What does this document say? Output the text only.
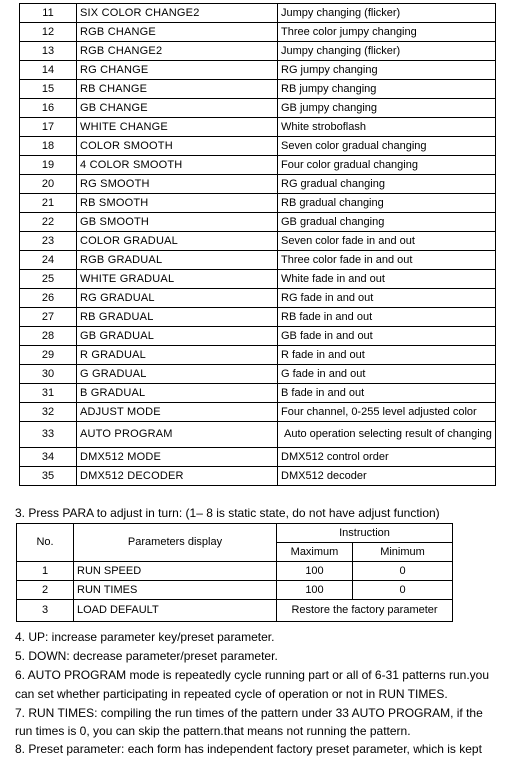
11	SIX COLOR CHANGE2	Jumpy changing (flicker)
12	RGB CHANGE	Three color jumpy changing
13	RGB CHANGE2	Jumpy changing (flicker)
14	RG CHANGE	RG jumpy changing
15	RB CHANGE	RB jumpy changing
16	GB CHANGE	GB jumpy changing
17	WHITE CHANGE	White stroboflash
18	COLOR SMOOTH	Seven color gradual changing
19	4 COLOR SMOOTH	Four color gradual changing
20	RG SMOOTH	RG gradual changing
21	RB SMOOTH	RB gradual changing
22	GB SMOOTH	GB gradual changing
23	COLOR GRADUAL	Seven color fade in and out
24	RGB GRADUAL	Three color fade in and out
25	WHITE GRADUAL	White fade in and out
26	RG GRADUAL	RG fade in and out
27	RB GRADUAL	RB fade in and out
28	GB GRADUAL	GB fade in and out
29	R GRADUAL	R fade in and out
30	G GRADUAL	G fade in and out
31	B GRADUAL	B fade in and out
32	ADJUST MODE	Four channel, 0-255 level adjusted color
33	AUTO PROGRAM	Auto operation selecting result of changing
34	DMX512 MODE	DMX512 control order
35	DMX512 DECODER	DMX512 decoder
3. Press PARA to adjust in turn: (1– 8 is static state, do not have adjust function)
No.	Parameters display	Instruction	
		Maximum	Minimum
1	RUN SPEED	100	0
2	RUN TIMES	100	0
3	LOAD DEFAULT	Restore the factory parameter	
4. UP: increase parameter key/preset parameter.
5. DOWN: decrease parameter/preset parameter.
6. AUTO PROGRAM mode is repeatedly cycle running part or all of 6-31 patterns run.you
can set whether participating in repeated cycle of operation or not in RUN TIMES.
7. RUN TIMES: compiling the run times of the pattern under 33 AUTO PROGRAM, if the
run times is 0, you can skip the pattern.that means not running the pattern.
8. Preset parameter: each form has independent factory preset parameter, which is kept
